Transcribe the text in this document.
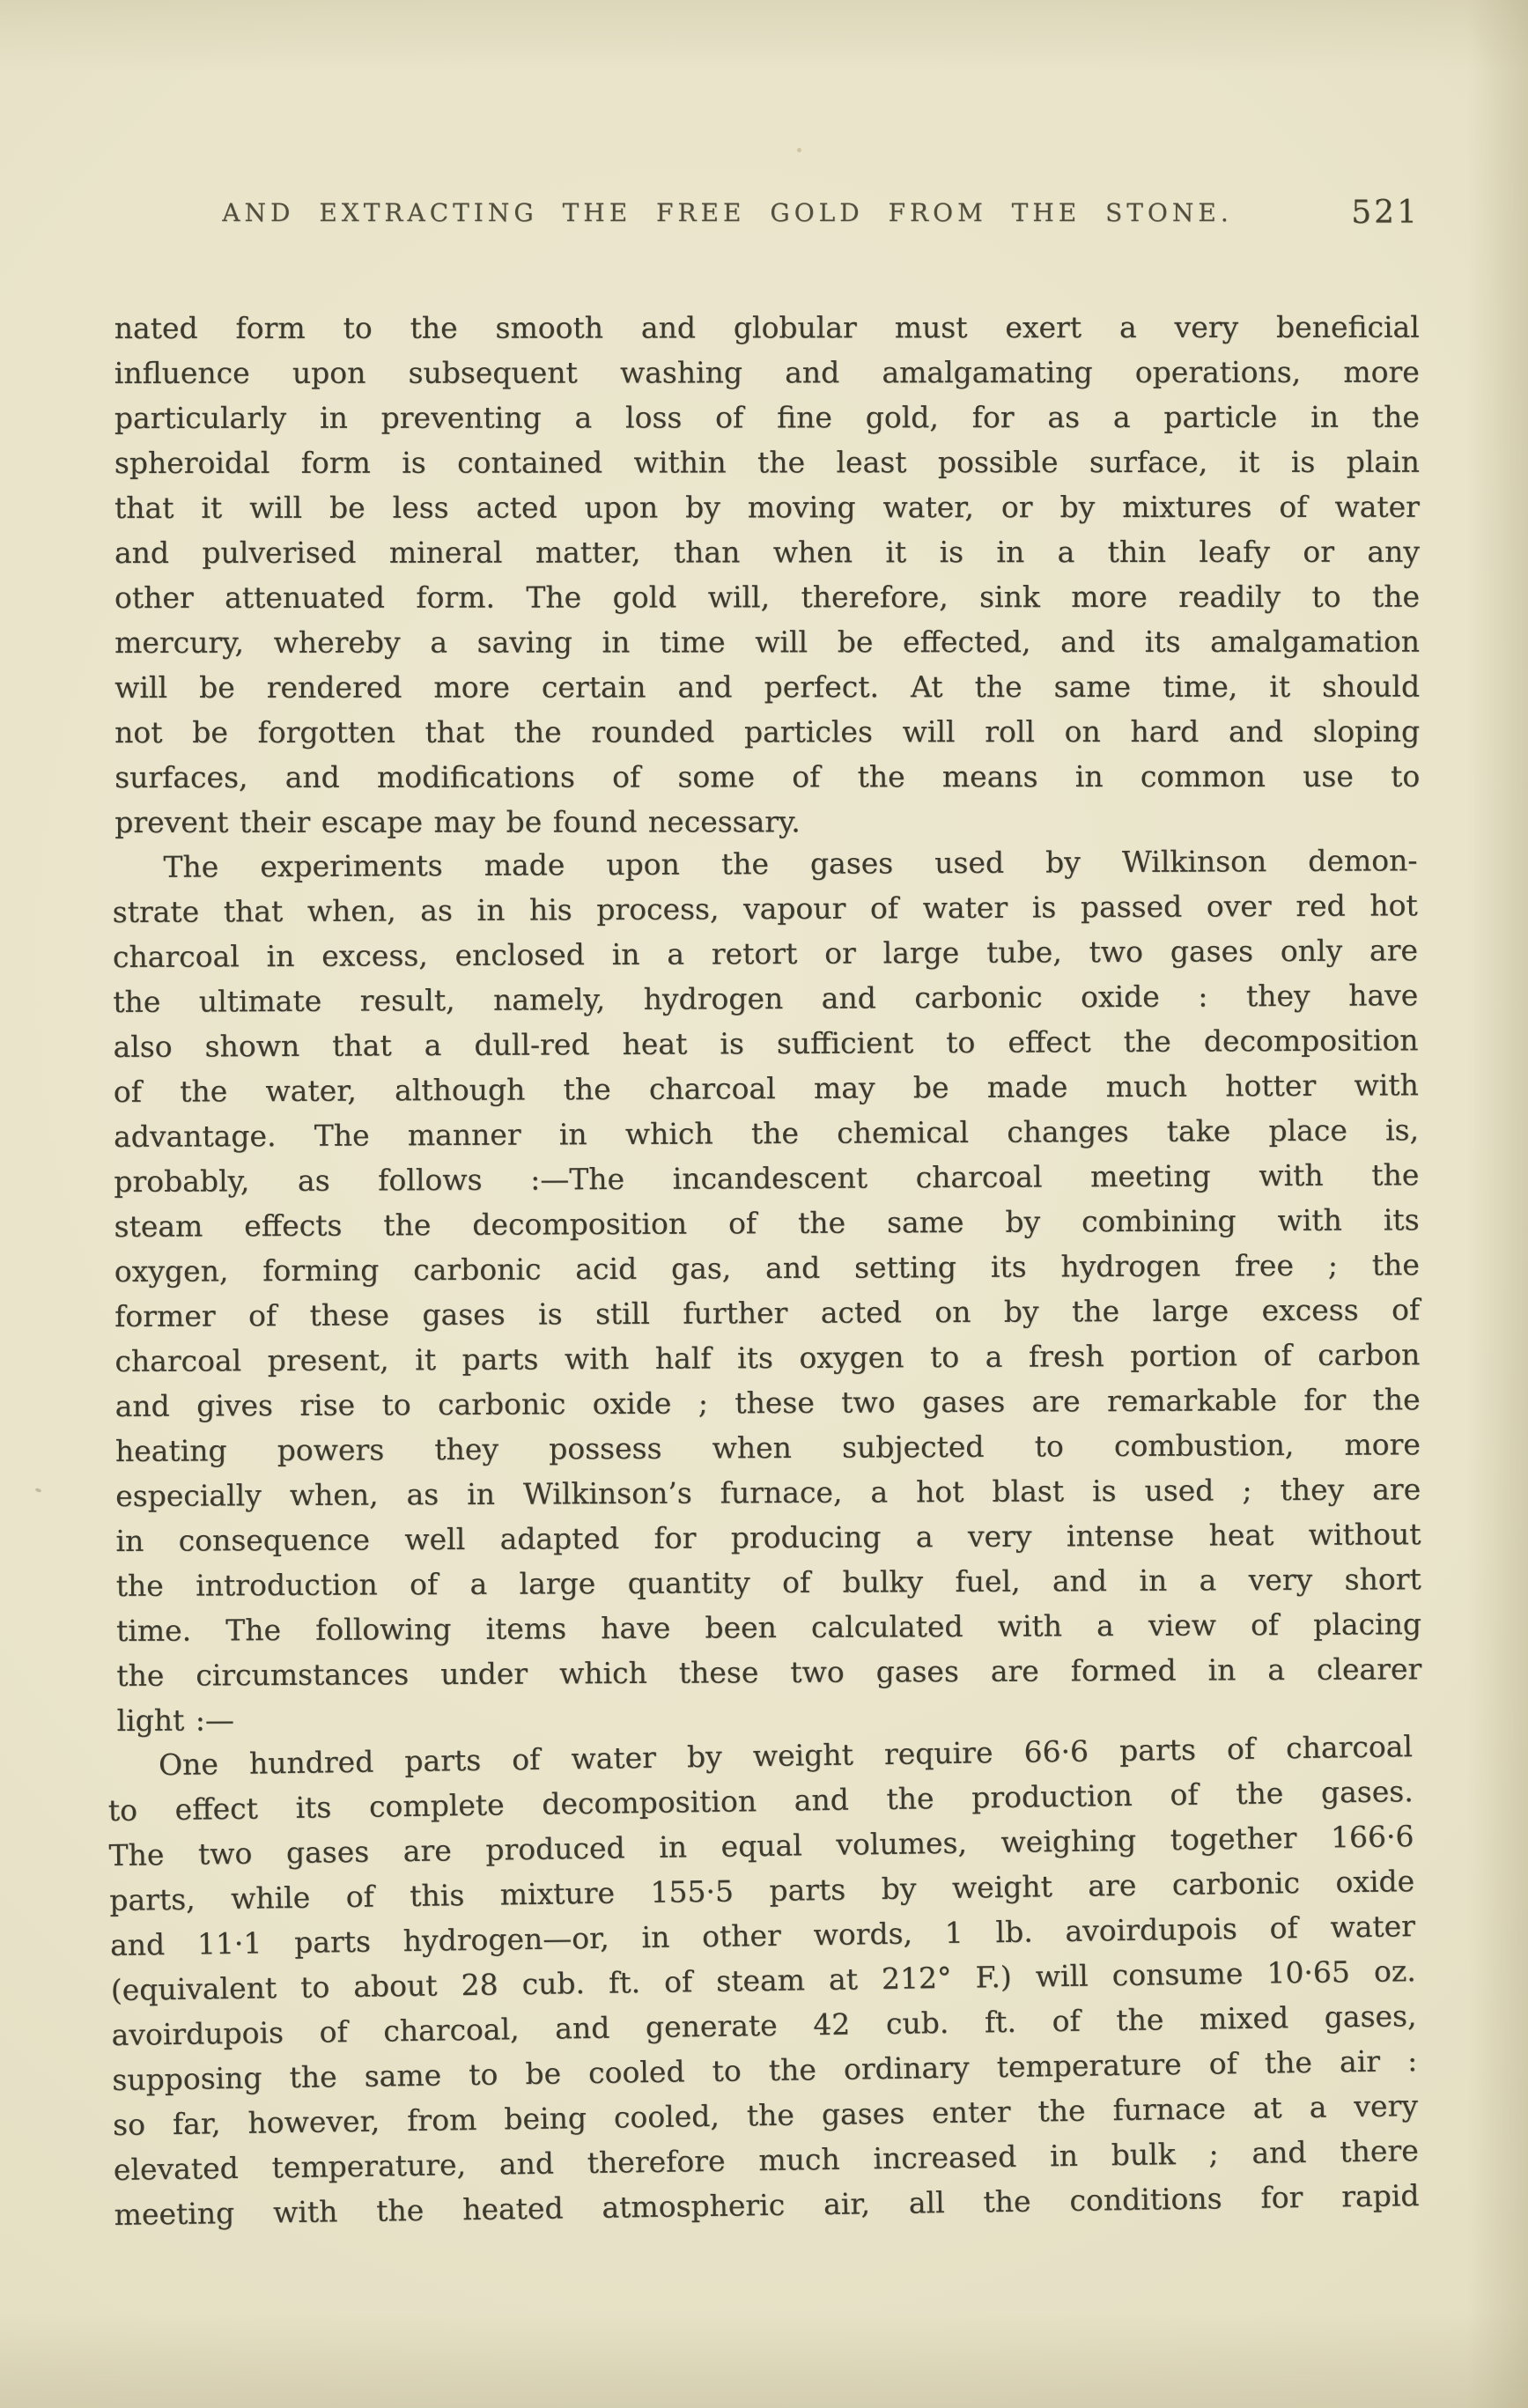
AND EXTRACTING THE FREE GOLD FROM THE STONE.	521

nated form to the smooth and globular must exert a very beneficial
influence upon subsequent washing and amalgamating operations, more
particularly in preventing a loss of fine gold, for as a particle in the
spheroidal form is contained within the least possible surface, it is plain
that it will be less acted upon by moving water, or by mixtures of water
and pulverised mineral matter, than when it is in a thin leafy or any
other attenuated form. The gold will, therefore, sink more readily to the
mercury, whereby a saving in time will be effected, and its amalgamation
will be rendered more certain and perfect. At the same time, it should
not be forgotten that the rounded particles will roll on hard and sloping
surfaces, and modifications of some of the means in common use to
prevent their escape may be found necessary.

The experiments made upon the gases used by Wilkinson demon-
strate that when, as in his process, vapour of water is passed over red hot
charcoal in excess, enclosed in a retort or large tube, two gases only are
the ultimate result, namely, hydrogen and carbonic oxide : they have
also shown that a dull-red heat is sufficient to effect the decomposition
of the water, although the charcoal may be made much hotter with
advantage. The manner in which the chemical changes take place is,
probably, as follows :—The incandescent charcoal meeting with the
steam effects the decomposition of the same by combining with its
oxygen, forming carbonic acid gas, and setting its hydrogen free ; the
former of these gases is still further acted on by the large excess of
charcoal present, it parts with half its oxygen to a fresh portion of carbon
and gives rise to carbonic oxide ; these two gases are remarkable for the
heating powers they possess when subjected to combustion, more
especially when, as in Wilkinson’s furnace, a hot blast is used ; they are
in consequence well adapted for producing a very intense heat without
the introduction of a large quantity of bulky fuel, and in a very short
time. The following items have been calculated with a view of placing
the circumstances under which these two gases are formed in a clearer
light :—

One hundred parts of water by weight require 66·6 parts of charcoal
to effect its complete decomposition and the production of the gases.
The two gases are produced in equal volumes, weighing together 166·6
parts, while of this mixture 155·5 parts by weight are carbonic oxide
and 11·1 parts hydrogen—or, in other words, 1 lb. avoirdupois of water
(equivalent to about 28 cub. ft. of steam at 212° F.) will consume 10·65 oz.
avoirdupois of charcoal, and generate 42 cub. ft. of the mixed gases,
supposing the same to be cooled to the ordinary temperature of the air :
so far, however, from being cooled, the gases enter the furnace at a very
elevated temperature, and therefore much increased in bulk ; and there
meeting with the heated atmospheric air, all the conditions for rapid
